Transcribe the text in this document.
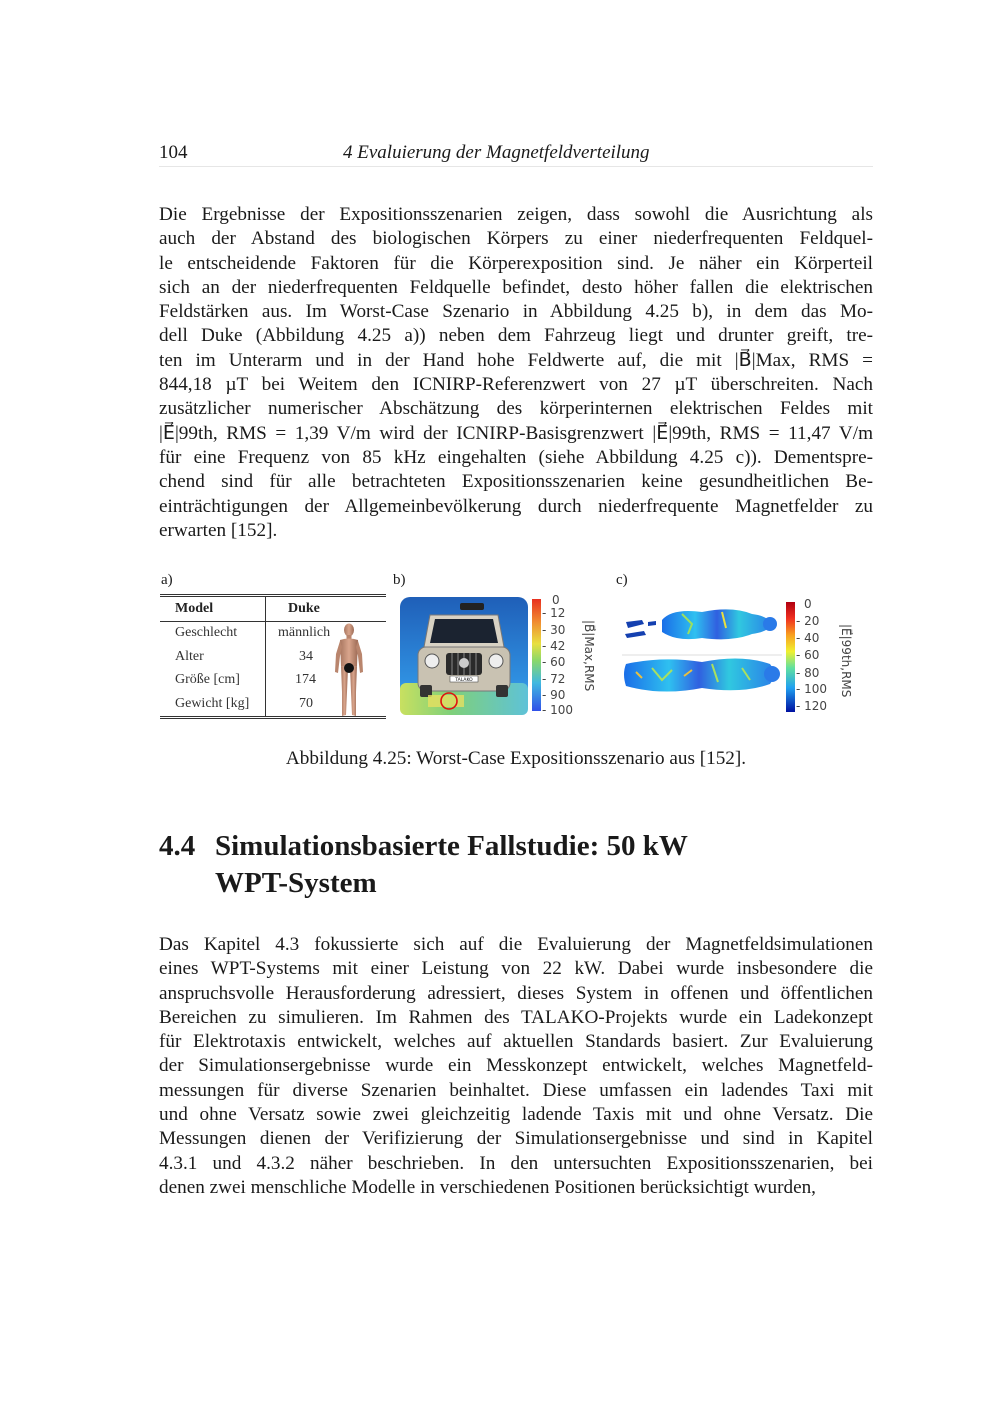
104	4 Evaluierung der Magnetfeldverteilung
Die Ergebnisse der Expositionsszenarien zeigen, dass sowohl die Ausrichtung als
auch der Abstand des biologischen Körpers zu einer niederfrequenten Feldquel-
le entscheidende Faktoren für die Körperexposition sind. Je näher ein Körperteil
sich an der niederfrequenten Feldquelle befindet, desto höher fallen die elektrischen
Feldstärken aus. Im Worst-Case Szenario in Abbildung 4.25 b), in dem das Mo-
dell Duke (Abbildung 4.25 a)) neben dem Fahrzeug liegt und drunter greift, tre-
ten im Unterarm und in der Hand hohe Feldwerte auf, die mit |B⃗|Max, RMS =
844,18 µT bei Weitem den ICNIRP-Referenzwert von 27 µT überschreiten. Nach
zusätzlicher numerischer Abschätzung des körperinternen elektrischen Feldes mit
|E⃗|99th, RMS = 1,39 V/m wird der ICNIRP-Basisgrenzwert |E⃗|99th, RMS = 11,47 V/m
für eine Frequenz von 85 kHz eingehalten (siehe Abbildung 4.25 c)). Dementspre-
chend sind für alle betrachteten Expositionsszenarien keine gesundheitlichen Be-
einträchtigungen der Allgemeinbevölkerung durch niederfrequente Magnetfelder zu
erwarten [152].
a)	b)	c)
Model	Duke
Geschlecht	männlich
Alter	34
Größe [cm]	174
Gewicht [kg]	70
TALAKO
0
- 12
- 30
- 42
- 60
- 72
- 90
- 100
|B⃗|Max,RMS
0
- 20
- 40
- 60
- 80
- 100
- 120
|E⃗|99th,RMS
Abbildung 4.25: Worst-Case Expositionsszenario aus [152].
4.4 Simulationsbasierte Fallstudie: 50 kW
WPT-System
Das Kapitel 4.3 fokussierte sich auf die Evaluierung der Magnetfeldsimulationen
eines WPT-Systems mit einer Leistung von 22 kW. Dabei wurde insbesondere die
anspruchsvolle Herausforderung adressiert, dieses System in offenen und öffentlichen
Bereichen zu simulieren. Im Rahmen des TALAKO-Projekts wurde ein Ladekonzept
für Elektrotaxis entwickelt, welches auf aktuellen Standards basiert. Zur Evaluierung
der Simulationsergebnisse wurde ein Messkonzept entwickelt, welches Magnetfeld-
messungen für diverse Szenarien beinhaltet. Diese umfassen ein ladendes Taxi mit
und ohne Versatz sowie zwei gleichzeitig ladende Taxis mit und ohne Versatz. Die
Messungen dienen der Verifizierung der Simulationsergebnisse und sind in Kapitel
4.3.1 und 4.3.2 näher beschrieben. In den untersuchten Expositionsszenarien, bei
denen zwei menschliche Modelle in verschiedenen Positionen berücksichtigt wurden,
